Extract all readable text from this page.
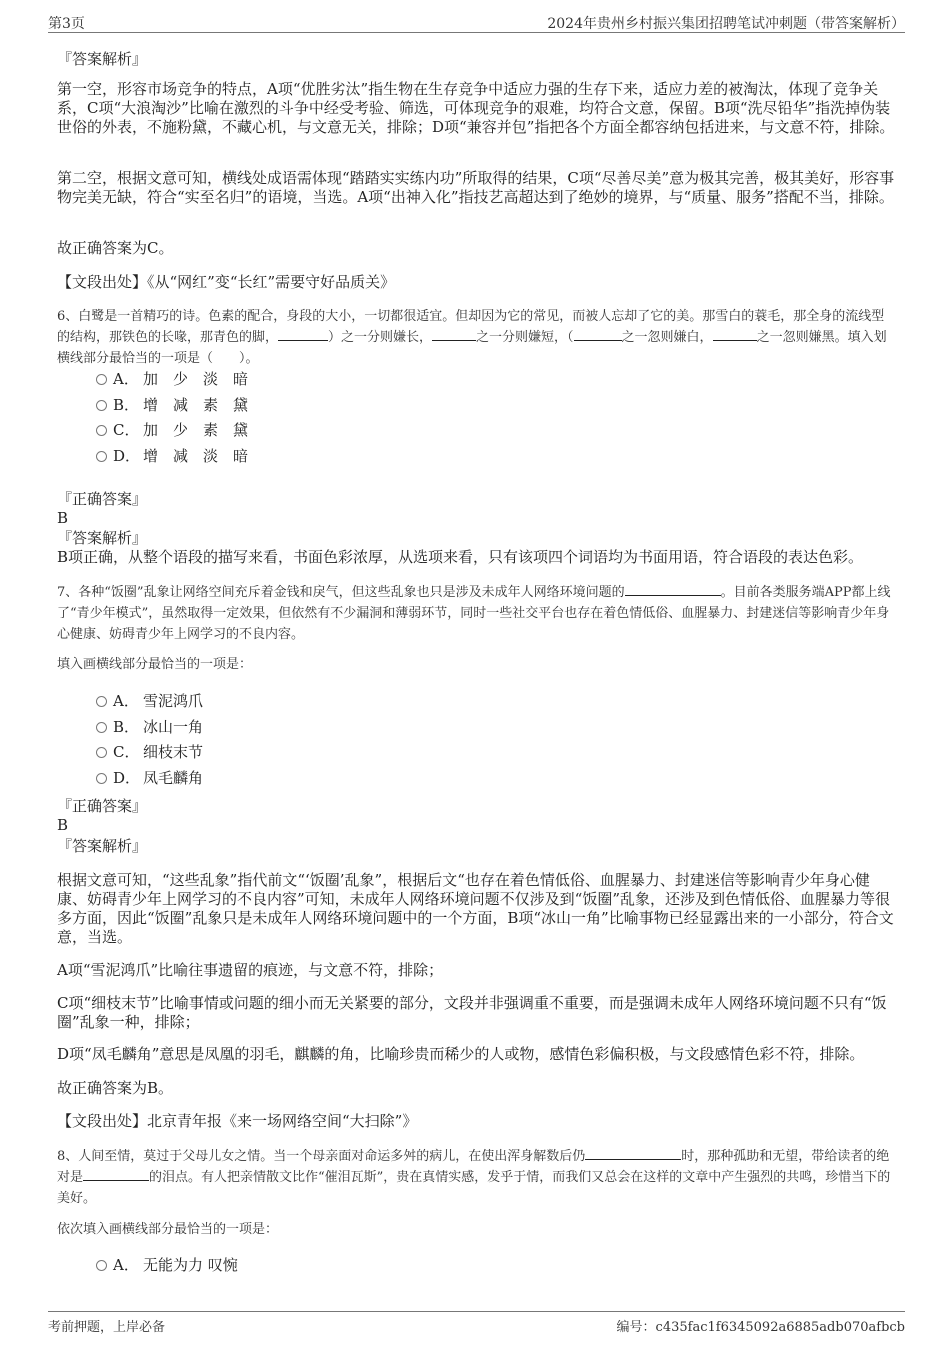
第3页	2024年贵州乡村振兴集团招聘笔试冲刺题（带答案解析）
『答案解析』
第一空，形容市场竞争的特点，A项“优胜劣汰”指生物在生存竞争中适应力强的生存下来，适应力差的被淘汰，体现了竞争关系，C项“大浪淘沙”比喻在激烈的斗争中经受考验、筛选，可体现竞争的艰难，均符合文意，保留。B项“洗尽铅华”指洗掉伪装世俗的外表，不施粉黛，不藏心机，与文意无关，排除；D项“兼容并包”指把各个方面全都容纳包括进来，与文意不符，排除。
第二空，根据文意可知，横线处成语需体现“踏踏实实练内功”所取得的结果，C项“尽善尽美”意为极其完善，极其美好，形容事物完美无缺，符合“实至名归”的语境，当选。A项“出神入化”指技艺高超达到了绝妙的境界，与“质量、服务”搭配不当，排除。
故正确答案为C。
【文段出处】《从“网红”变“长红”需要守好品质关》
6、白鹭是一首精巧的诗。色素的配合，身段的大小，一切都很适宜。但却因为它的常见，而被人忘却了它的美。那雪白的蓑毛，那全身的流线型的结构，那铁色的长喙，那青色的脚，	）之一分则嫌长，	之一分则嫌短，（	之一忽则嫌白，	之一忽则嫌黑。填入划横线部分最恰当的一项是（　　）。
A． 加　少　淡　暗
B． 增　减　素　黛
C． 加　少　素　黛
D． 增　减　淡　暗
『正确答案』
B
『答案解析』
B项正确，从整个语段的描写来看，书面色彩浓厚，从选项来看，只有该项四个词语均为书面用语，符合语段的表达色彩。
7、各种“饭圈”乱象让网络空间充斥着金钱和戾气，但这些乱象也只是涉及未成年人网络环境问题的	。目前各类服务端APP都上线了“青少年模式”，虽然取得一定效果，但依然有不少漏洞和薄弱环节，同时一些社交平台也存在着色情低俗、血腥暴力、封建迷信等影响青少年身心健康、妨碍青少年上网学习的不良内容。
填入画横线部分最恰当的一项是：
A． 雪泥鸿爪
B． 冰山一角
C． 细枝末节
D． 凤毛麟角
『正确答案』
B
『答案解析』
根据文意可知，“这些乱象”指代前文“‘饭圈’乱象”，根据后文“也存在着色情低俗、血腥暴力、封建迷信等影响青少年身心健康、妨碍青少年上网学习的不良内容”可知，未成年人网络环境问题不仅涉及到“饭圈”乱象，还涉及到色情低俗、血腥暴力等很多方面，因此“饭圈”乱象只是未成年人网络环境问题中的一个方面，B项“冰山一角”比喻事物已经显露出来的一小部分，符合文意，当选。
A项“雪泥鸿爪”比喻往事遗留的痕迹，与文意不符，排除；
C项“细枝末节”比喻事情或问题的细小而无关紧要的部分，文段并非强调重不重要，而是强调未成年人网络环境问题不只有“饭圈”乱象一种，排除；
D项“凤毛麟角”意思是凤凰的羽毛，麒麟的角，比喻珍贵而稀少的人或物，感情色彩偏积极，与文段感情色彩不符，排除。
故正确答案为B。
【文段出处】北京青年报《来一场网络空间“大扫除”》
8、人间至情，莫过于父母儿女之情。当一个母亲面对命运多舛的病儿，在使出浑身解数后仍	时，那种孤助和无望，带给读者的绝对是	的泪点。有人把亲情散文比作“催泪瓦斯”，贵在真情实感，发乎于情，而我们又总会在这样的文章中产生强烈的共鸣，珍惜当下的美好。
依次填入画横线部分最恰当的一项是：
A． 无能为力 叹惋
考前押题，上岸必备	编号：c435fac1f6345092a6885adb070afbcb
